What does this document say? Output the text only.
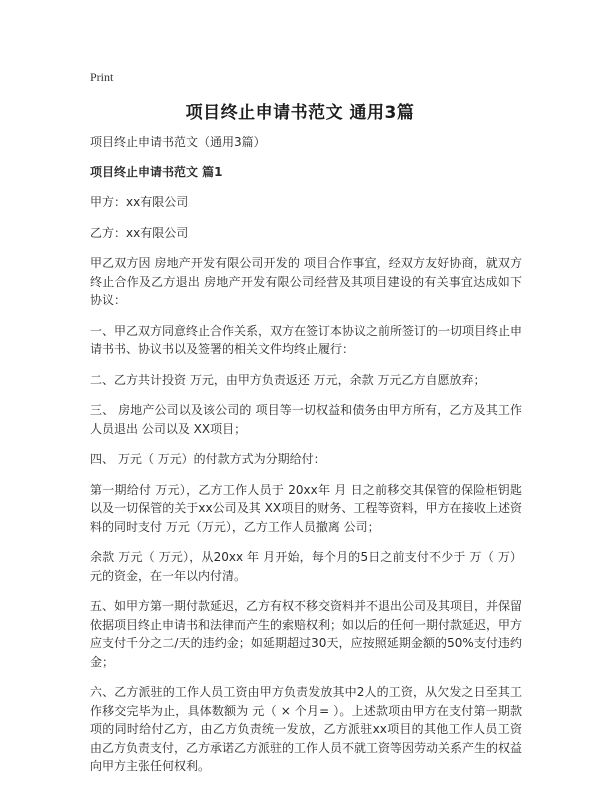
Print
项目终止申请书范文 通用3篇

项目终止申请书范文（通用3篇）

项目终止申请书范文 篇1

甲方：xx有限公司

乙方：xx有限公司

甲乙双方因 房地产开发有限公司开发的 项目合作事宜，经双方友好协商，就双方终止合作及乙方退出 房地产开发有限公司经营及其项目建设的有关事宜达成如下协议：

一、甲乙双方同意终止合作关系，双方在签订本协议之前所签订的一切项目终止申请书书、协议书以及签署的相关文件均终止履行：

二、乙方共计投资 万元，由甲方负责返还 万元，余款 万元乙方自愿放弃；

三、 房地产公司以及该公司的 项目等一切权益和债务由甲方所有，乙方及其工作人员退出 公司以及 XX项目；

四、 万元（ 万元）的付款方式为分期给付：

第一期给付 万元），乙方工作人员于 20xx年 月 日之前移交其保管的保险柜钥匙以及一切保管的关于xx公司及其 XX项目的财务、工程等资料，甲方在接收上述资料的同时支付 万元（万元），乙方工作人员撤离 公司；

余款 万元（ 万元），从20xx 年 月开始，每个月的5日之前支付不少于 万（ 万）元的资金，在一年以内付清。

五、如甲方第一期付款延迟，乙方有权不移交资料并不退出公司及其项目，并保留依据项目终止申请书和法律而产生的索赔权利；如以后的任何一期付款延迟，甲方应支付千分之二/天的违约金；如延期超过30天，应按照延期金额的50%支付违约金；

六、乙方派驻的工作人员工资由甲方负责发放其中2人的工资，从欠发之日至其工作移交完毕为止，具体数额为 元（ × 个月= ）。上述款项由甲方在支付第一期款项的同时给付乙方，由乙方负责统一发放，乙方派驻xx项目的其他工作人员工资由乙方负责支付，乙方承诺乙方派驻的工作人员不就工资等因劳动关系产生的权益向甲方主张任何权利。
